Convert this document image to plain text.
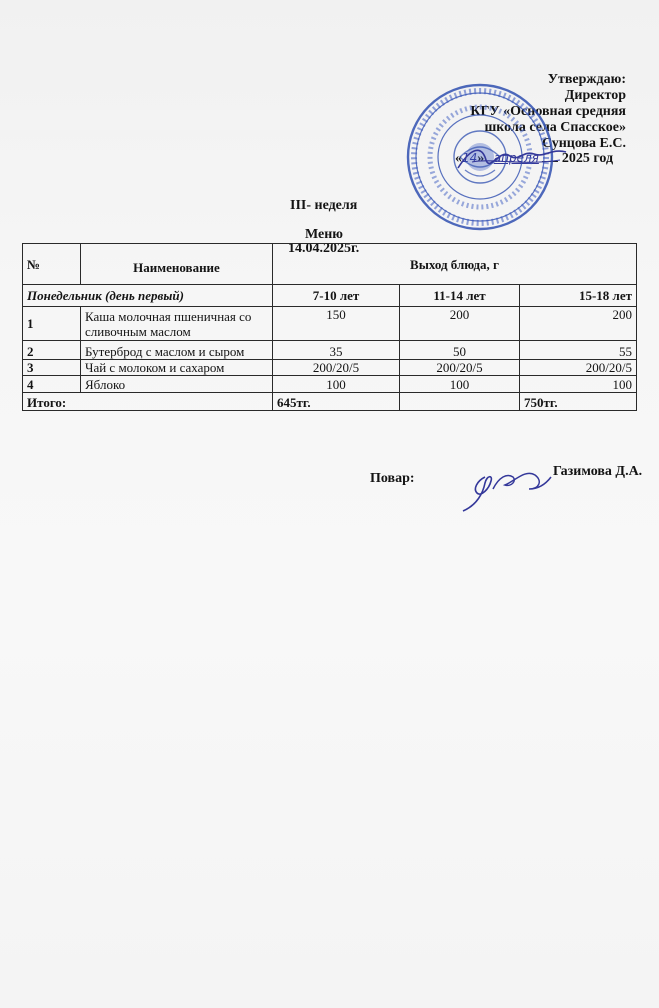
Утверждаю:
Директор
КГУ «Основная средняя
школа села Спасское»
Сунцова Е.С.
«14» апреля 2025 год
III- неделя
Меню
14.04.2025г.
№	Наименование	Выход блюда, г		
Понедельник (день первый)		7-10 лет	11-14 лет	15-18 лет
1	Каша молочная пшеничная со сливочным маслом	150	200	200
2	Бутерброд с маслом и сыром	35	50	55
3	Чай с молоком и сахаром	200/20/5	200/20/5	200/20/5
4	Яблоко	100	100	100
Итого:		645тг.		750тг.
Повар:	Газимова Д.А.
